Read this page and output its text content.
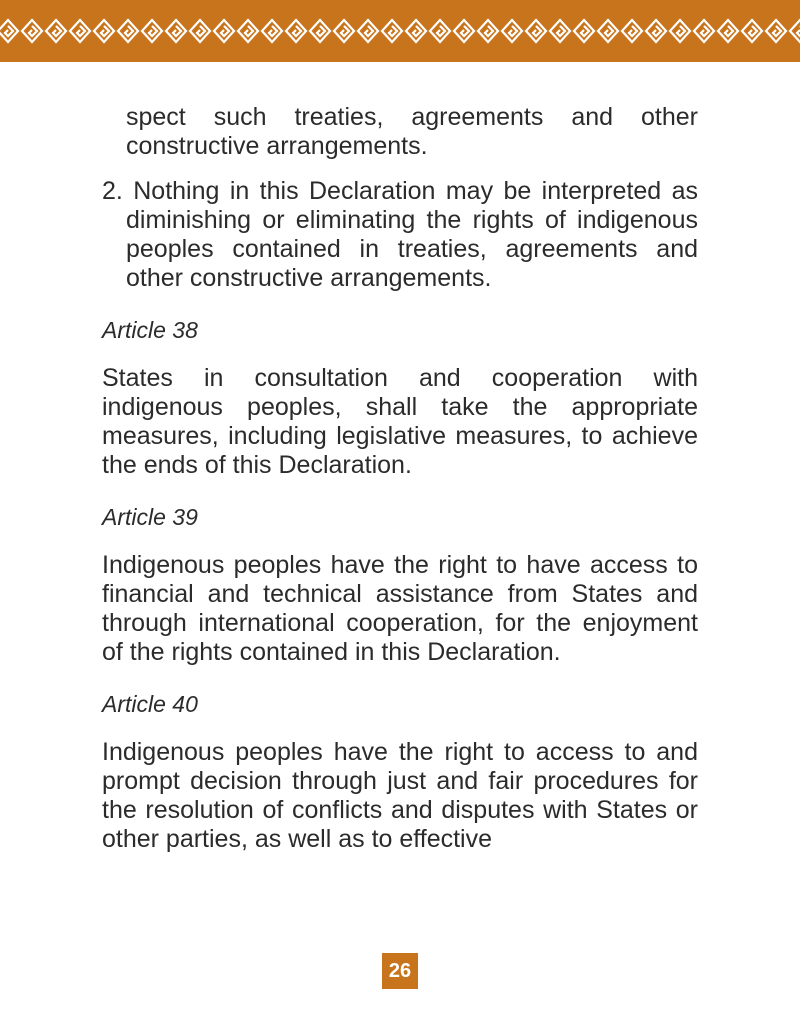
spect such treaties, agreements and other constructive arrangements.

2. Nothing in this Declaration may be interpreted as diminishing or eliminating the rights of indigenous peoples contained in treaties, agreements and other constructive arrangements.

Article 38

States in consultation and cooperation with indigenous peoples, shall take the appropriate measures, including legislative measures, to achieve the ends of this Declaration.

Article 39

Indigenous peoples have the right to have access to financial and technical assistance from States and through international cooperation, for the enjoyment of the rights contained in this Declaration.

Article 40

Indigenous peoples have the right to access to and prompt decision through just and fair procedures for the resolution of conflicts and disputes with States or other parties, as well as to effective

26
